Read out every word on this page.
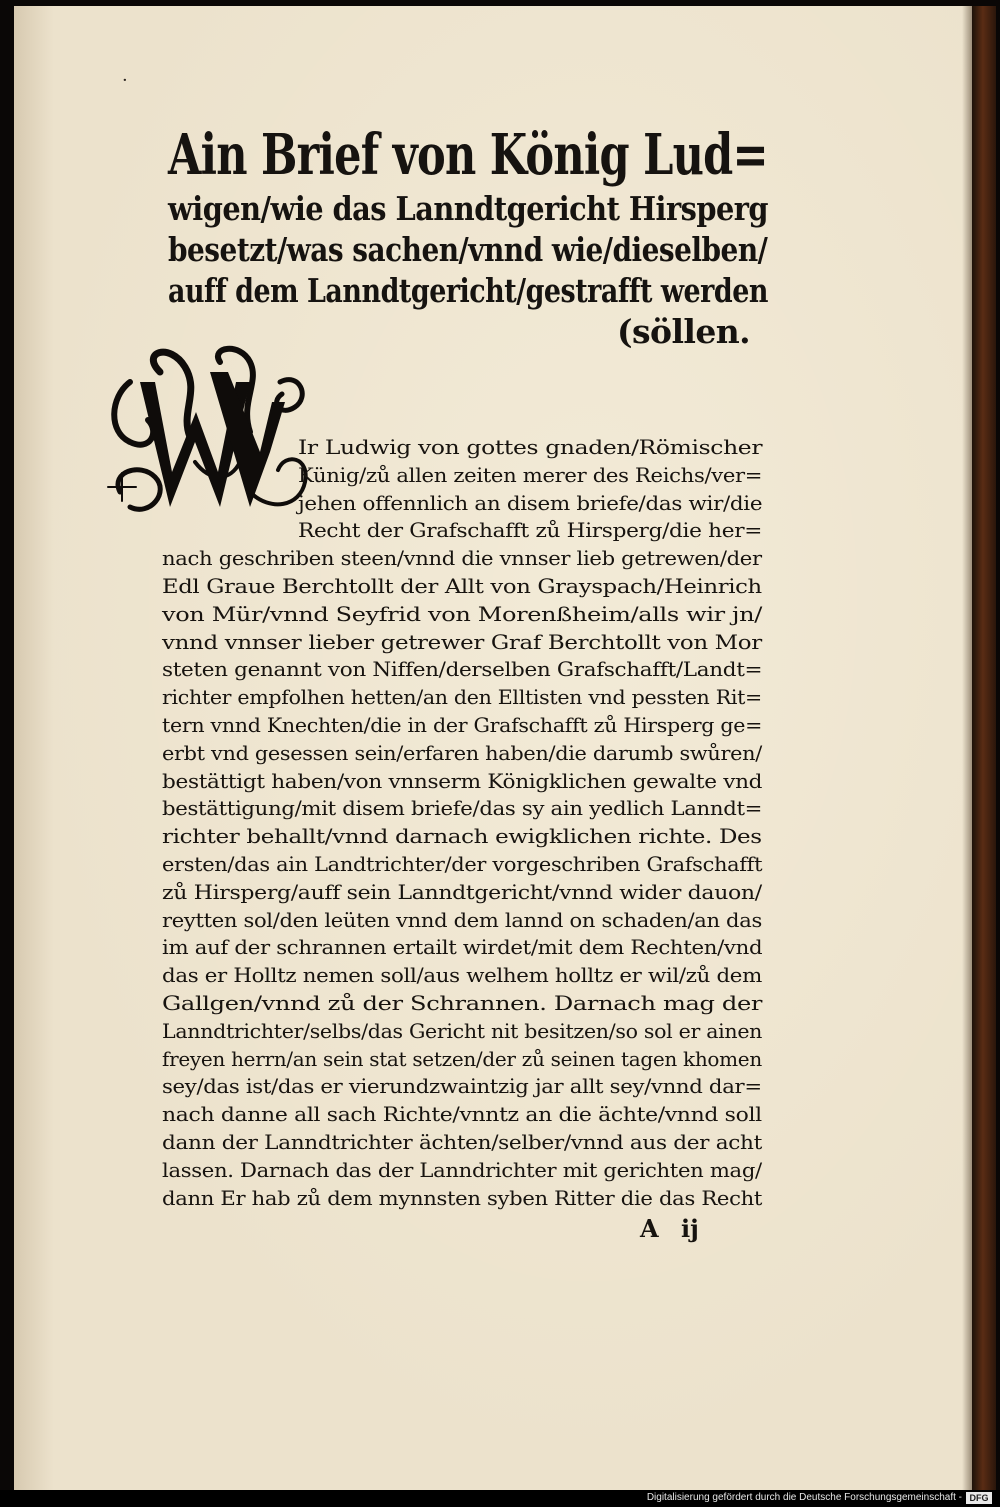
·
Ain Brief von König Lud=
wigen/wie das Lanndtgericht Hirsperg
besetzt/was sachen/vnnd wie/dieselben/
auff dem Lanndtgericht/gestrafft werden
(söllen.
Ir Ludwig von gottes gnaden/Römischer
Künig/zů allen zeiten merer des Reichs/ver=
jehen offennlich an disem briefe/das wir/die
Recht der Grafschafft zů Hirsperg/die her=
nach geschriben steen/vnnd die vnnser lieb getrewen/der
Edl Graue Berchtollt der Allt von Grayspach/Heinrich
von Mür/vnnd Seyfrid von Morenßheim/alls wir jn/
vnnd vnnser lieber getrewer Graf Berchtollt von Mor
steten genannt von Niffen/derselben Grafschafft/Landt=
richter empfolhen hetten/an den Elltisten vnd pessten Rit=
tern vnnd Knechten/die in der Grafschafft zů Hirsperg ge=
erbt vnd gesessen sein/erfaren haben/die darumb swůren/
bestättigt haben/von vnnserm Königklichen gewalte vnd
bestättigung/mit disem briefe/das sy ain yedlich Lanndt=
richter behallt/vnnd darnach ewigklichen richte. Des
ersten/das ain Landtrichter/der vorgeschriben Grafschafft
zů Hirsperg/auff sein Lanndtgericht/vnnd wider dauon/
reytten sol/den leüten vnnd dem lannd on schaden/an das
im auf der schrannen ertailt wirdet/mit dem Rechten/vnd
das er Holltz nemen soll/aus welhem holltz er wil/zů dem
Gallgen/vnnd zů der Schrannen. Darnach mag der
Lanndtrichter/selbs/das Gericht nit besitzen/so sol er ainen
freyen herrn/an sein stat setzen/der zů seinen tagen khomen
sey/das ist/das er vierundzwaintzig jar allt sey/vnnd dar=
nach danne all sach Richte/vnntz an die ächte/vnnd soll
dann der Lanndtrichter ächten/selber/vnnd aus der acht
lassen. Darnach das der Lanndrichter mit gerichten mag/
dann Er hab zů dem mynnsten syben Ritter die das Recht
A ij
Digitalisierung gefördert durch die Deutsche Forschungsgemeinschaft - DFG
